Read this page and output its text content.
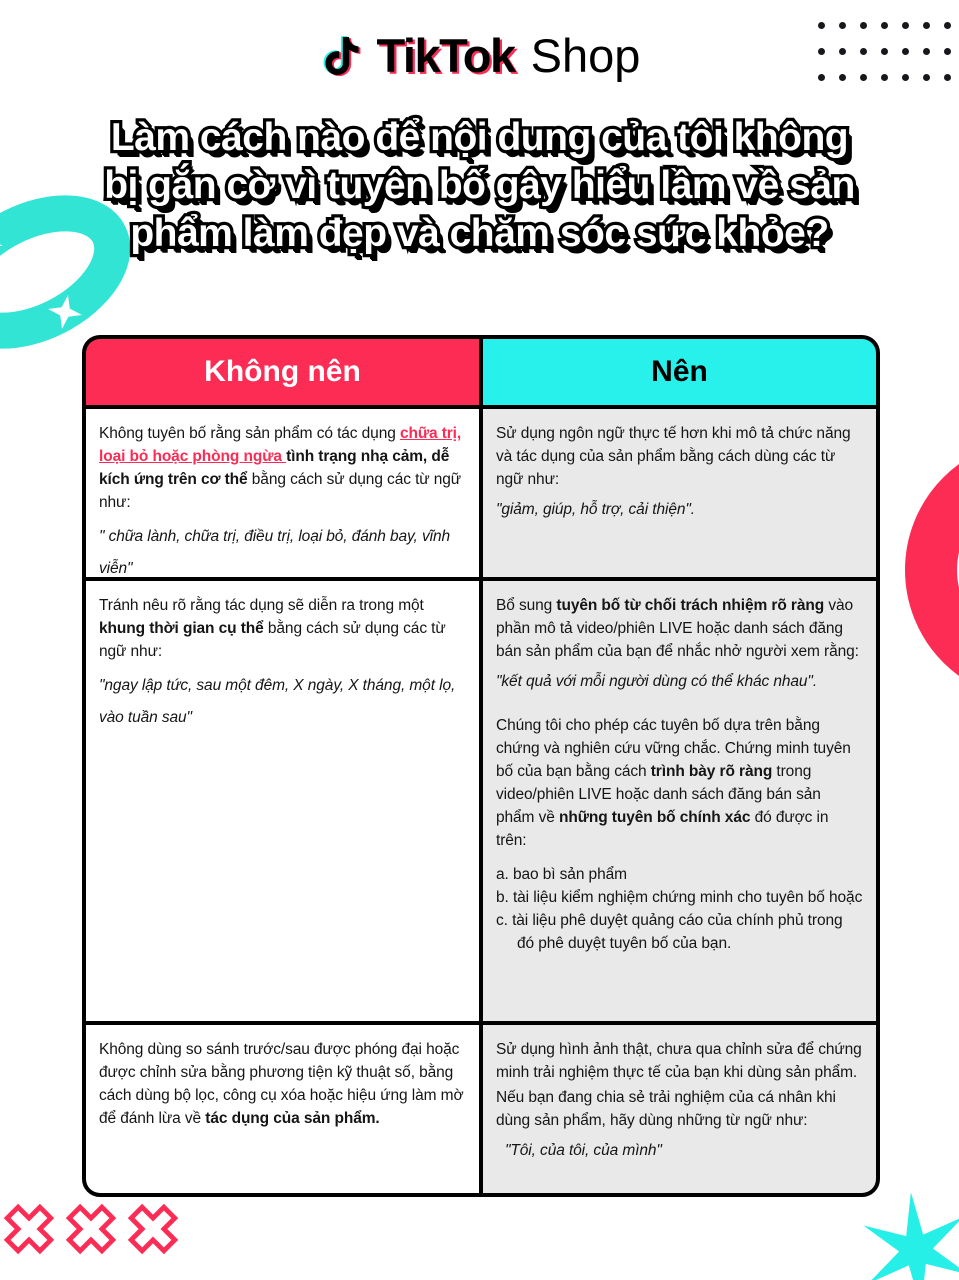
TikTok Shop
Làm cách nào để nội dung của tôi không
bị gắn cờ vì tuyên bố gây hiểu lầm về sản
phẩm làm đẹp và chăm sóc sức khỏe?
Không nên	Nên
Không tuyên bố rằng sản phẩm có tác dụng chữa trị, loại bỏ hoặc phòng ngừa tình trạng nhạ cảm, dễ kích ứng trên cơ thể bằng cách sử dụng các từ ngữ như:
" chữa lành, chữa trị, điều trị, loại bỏ, đánh bay, vĩnh viễn"
Sử dụng ngôn ngữ thực tế hơn khi mô tả chức năng và tác dụng của sản phẩm bằng cách dùng các từ ngữ như:
"giảm, giúp, hỗ trợ, cải thiện".
Tránh nêu rõ rằng tác dụng sẽ diễn ra trong một khung thời gian cụ thể bằng cách sử dụng các từ ngữ như:
"ngay lập tức, sau một đêm, X ngày, X tháng, một lọ, vào tuần sau"
Bổ sung tuyên bố từ chối trách nhiệm rõ ràng vào phần mô tả video/phiên LIVE hoặc danh sách đăng bán sản phẩm của bạn để nhắc nhở người xem rằng:
"kết quả với mỗi người dùng có thể khác nhau".
Chúng tôi cho phép các tuyên bố dựa trên bằng chứng và nghiên cứu vững chắc. Chứng minh tuyên bố của bạn bằng cách trình bày rõ ràng trong video/phiên LIVE hoặc danh sách đăng bán sản phẩm về những tuyên bố chính xác đó được in trên:
a. bao bì sản phẩm
b. tài liệu kiểm nghiệm chứng minh cho tuyên bố hoặc
c. tài liệu phê duyệt quảng cáo của chính phủ trong đó phê duyệt tuyên bố của bạn.
Không dùng so sánh trước/sau được phóng đại hoặc được chỉnh sửa bằng phương tiện kỹ thuật số, bằng cách dùng bộ lọc, công cụ xóa hoặc hiệu ứng làm mờ để đánh lừa về tác dụng của sản phẩm.
Sử dụng hình ảnh thật, chưa qua chỉnh sửa để chứng minh trải nghiệm thực tế của bạn khi dùng sản phẩm.
Nếu bạn đang chia sẻ trải nghiệm của cá nhân khi dùng sản phẩm, hãy dùng những từ ngữ như:
"Tôi, của tôi, của mình"
